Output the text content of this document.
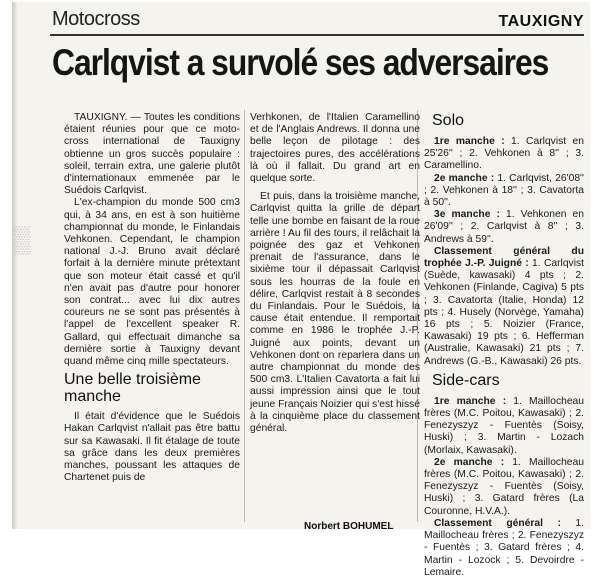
▒
Motocross	TAUXIGNY
Carlqvist a survolé ses adversaires

TAUXIGNY. — Toutes les conditions étaient réunies pour que ce moto-cross international de Tauxigny obtienne un gros succès populaire : soleil, terrain extra, une galerie plutôt d'internationaux emmenée par le Suédois Carlqvist.

L'ex-champion du monde 500 cm3 qui, à 34 ans, en est à son huitième championnat du monde, le Finlandais Vehkonen. Cependant, le champion national J.-J. Bruno avait déclaré forfait à la dernière minute prétextant que son moteur était cassé et qu'il n'en avait pas d'autre pour honorer son contrat... avec lui dix autres coureurs ne se sont pas présentés à l'appel de l'excellent speaker R. Gallard, qui effectuait dimanche sa dernière sortie à Tauxigny devant quand même cinq mille spectateurs.

Une belle troisième manche

Il était d'évidence que le Suédois Hakan Carlqvist n'allait pas être battu sur sa Kawasaki. Il fit étalage de toute sa grâce dans les deux premières manches, poussant les attaques de Chartenet puis de

Verhkonen, de l'Italien Caramellino et de l'Anglais Andrews. Il donna une belle leçon de pilotage : des trajectoires pures, des accélérations là où il fallait. Du grand art en quelque sorte.

Et puis, dans la troisième manche, Carlqvist quitta la grille de départ telle une bombe en faisant de la roue arrière ! Au fil des tours, il relâchait la poignée des gaz et Vehkonen prenait de l'assurance, dans le sixième tour il dépassait Carlqvist sous les hourras de la foule en délire, Carlqvist restait à 8 secondes du Finlandais. Pour le Suédois, la cause était entendue. Il remportait comme en 1986 le trophée J.-P. Juigné aux points, devant un Vehkonen dont on reparlera dans un autre championnat du monde des 500 cm3. L'Italien Cavatorta a fait lui aussi impression ainsi que le tout jeune Français Noizier qui s'est hissé à la cinquième place du classement général.

Solo

1re manche : 1. Carlqvist en 25'26'' ; 2. Vehkonen à 8'' ; 3. Caramellino.

2e manche : 1. Carlqvist, 26'08'' ; 2. Vehkonen à 18'' ; 3. Cavatorta à 50''.

3e manche : 1. Vehkonen en 26'09'' ; 2. Carlqvist à 8'' ; 3. Andrews à 59''.

Classement général du trophée J.-P. Juigné : 1. Carlqvist (Suède, kawasaki) 4 pts ; 2. Vehkonen (Finlande, Cagiva) 5 pts ; 3. Cavatorta (Italie, Honda) 12 pts ; 4. Husely (Norvège, Yamaha) 16 pts ; 5. Noizier (France, Kawasaki) 19 pts ; 6. Hefferman (Australie, Kawasaki) 21 pts ; 7. Andrews (G.-B., Kawasaki) 26 pts.

Side-cars

1re manche : 1. Maillocheau frères (M.C. Poitou, Kawasaki) ; 2. Fenezyszyz - Fuentès (Soisy, Huski) ; 3. Martin - Lozach (Morlaix, Kawasaki).

2e manche : 1. Maillocheau frères (M.C. Poitou, Kawasaki) ; 2. Fenezyszyz - Fuentès (Soisy, Huski) ; 3. Gatard frères (La Couronne, H.V.A.).

Classement général : 1. Maillocheau frères ; 2. Fenezyszyz - Fuentès ; 3. Gatard frères ; 4. Martin - Lozock ; 5. Devoirdre - Lemaire.

Norbert BOHUMEL
